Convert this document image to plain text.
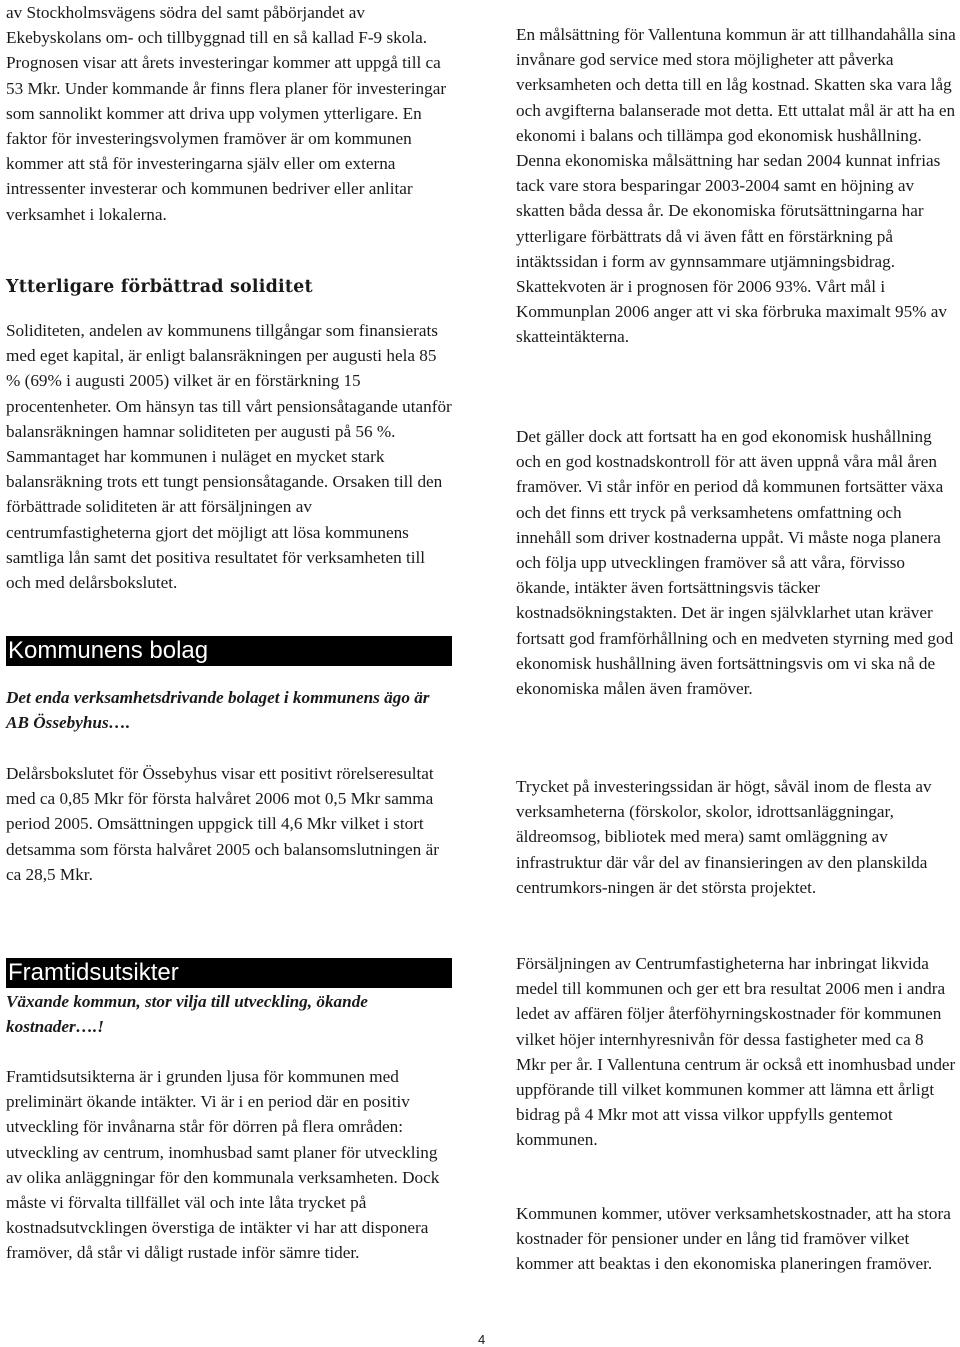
av Stockholmsvägens södra del samt påbörjandet av Ekebyskolans om- och tillbyggnad till en så kallad F-9 skola. Prognosen visar att årets investeringar kommer att uppgå till ca 53 Mkr. Under kommande år finns flera planer för investeringar som sannolikt kommer att driva upp volymen ytterligare. En faktor för investeringsvolymen framöver är om kommunen kommer att stå för investeringarna själv eller om externa intressenter investerar och kommunen bedriver eller anlitar verksamhet i lokalerna.

Ytterligare förbättrad soliditet

Soliditeten, andelen av kommunens tillgångar som finansierats med eget kapital, är enligt balansräkningen per augusti hela 85 % (69% i augusti 2005) vilket är en förstärkning 15 procentenheter. Om hänsyn tas till vårt pensionsåtagande utanför balansräkningen hamnar soliditeten per augusti på 56 %. Sammantaget har kommunen i nuläget en mycket stark balansräkning trots ett tungt pensionsåtagande. Orsaken till den förbättrade soliditeten är att försäljningen av centrumfastigheterna gjort det möjligt att lösa kommunens samtliga lån samt det positiva resultatet för verksamheten till och med delårsbokslutet.

Kommunens bolag

Det enda verksamhetsdrivande bolaget i kommunens ägo är AB Össebyhus….

Delårsbokslutet för Össebyhus visar ett positivt rörelseresultat med ca 0,85 Mkr för första halvåret 2006 mot 0,5 Mkr samma period 2005. Omsättningen uppgick till 4,6 Mkr vilket i stort detsamma som första halvåret 2005 och balansomslutningen är ca 28,5 Mkr.

Framtidsutsikter

Växande kommun, stor vilja till utveckling, ökande kostnader….!

Framtidsutsikterna är i grunden ljusa för kommunen med preliminärt ökande intäkter. Vi är i en period där en positiv utveckling för invånarna står för dörren på flera områden: utveckling av centrum, inomhusbad samt planer för utveckling av olika anläggningar för den kommunala verksamheten. Dock måste vi förvalta tillfället väl och inte låta trycket på kostnadsutvcklingen överstiga de intäkter vi har att disponera framöver, då står vi dåligt rustade inför sämre tider.

En målsättning för Vallentuna kommun är att tillhandahålla sina invånare god service med stora möjligheter att påverka verksamheten och detta till en låg kostnad. Skatten ska vara låg och avgifterna balanserade mot detta. Ett uttalat mål är att ha en ekonomi i balans och tillämpa god ekonomisk hushållning. Denna ekonomiska målsättning har sedan 2004 kunnat infrias tack vare stora besparingar 2003-2004 samt en höjning av skatten båda dessa år. De ekonomiska förutsättningarna har ytterligare förbättrats då vi även fått en förstärkning på intäktssidan i form av gynnsammare utjämningsbidrag. Skattekvoten är i prognosen för 2006 93%. Vårt mål i Kommunplan 2006 anger att vi ska förbruka maximalt 95% av skatteintäkterna.

Det gäller dock att fortsatt ha en god ekonomisk hushållning och en god kostnadskontroll för att även uppnå våra mål åren framöver. Vi står inför en period då kommunen fortsätter växa och det finns ett tryck på verksamhetens omfattning och innehåll som driver kostnaderna uppåt. Vi måste noga planera och följa upp utvecklingen framöver så att våra, förvisso ökande, intäkter även fortsättningsvis täcker kostnadsökningstakten. Det är ingen självklarhet utan kräver fortsatt god framförhållning och en medveten styrning med god ekonomisk hushållning även fortsättningsvis om vi ska nå de ekonomiska målen även framöver.

Trycket på investeringssidan är högt, såväl inom de flesta av verksamheterna (förskolor, skolor, idrottsanläggningar, äldreomsog, bibliotek med mera) samt omläggning av infrastruktur där vår del av finansieringen av den planskilda centrumkors-ningen är det största projektet.

Försäljningen av Centrumfastigheterna har inbringat likvida medel till kommunen och ger ett bra resultat 2006 men i andra ledet av affären följer återföhyrningskostnader för kommunen vilket höjer internhyresnivån för dessa fastigheter med ca 8 Mkr per år. I Vallentuna centrum är också ett inomhusbad under uppförande till vilket kommunen kommer att lämna ett årligt bidrag på 4 Mkr mot att vissa vilkor uppfylls gentemot kommunen.

Kommunen kommer, utöver verksamhetskostnader, att ha stora kostnader för pensioner under en lång tid framöver vilket kommer att beaktas i den ekonomiska planeringen framöver.

4
